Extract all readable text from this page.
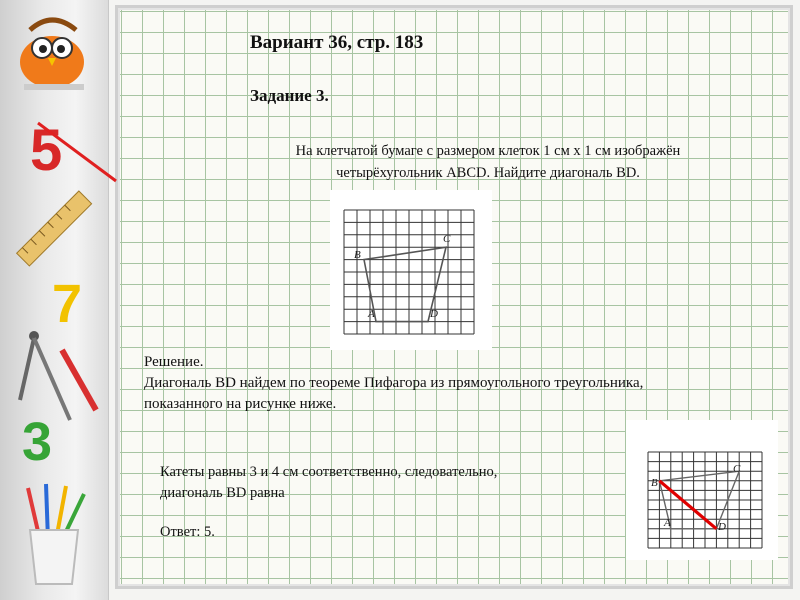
5
7
3
Вариант 36, стр. 183
Задание 3.
На клетчатой бумаге с размером клеток 1 см х 1 см изображён
четырёхугольник ABCD. Найдите диагональ BD.
B
C
A	D
Решение.
Диагональ BD найдем по теореме Пифагора из прямоугольного треугольника,
показанного на рисунке ниже.
Катеты равны 3 и 4 см соответственно, следовательно,
диагональ BD равна
Ответ: 5.
B
C
A	D
